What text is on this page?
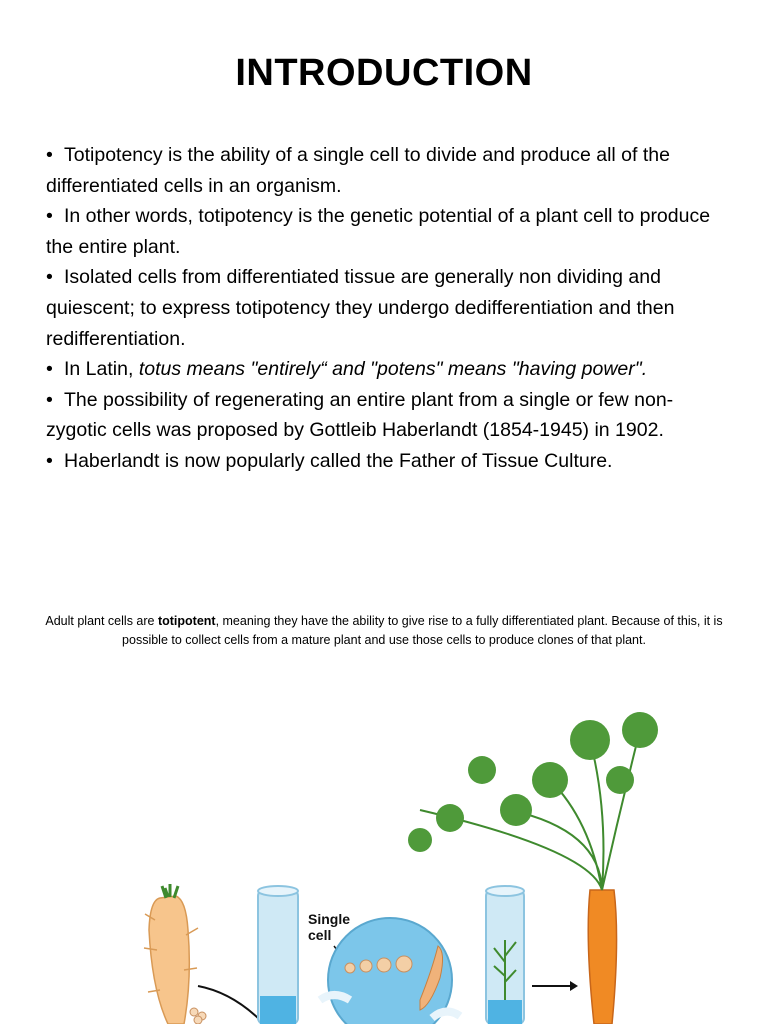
INTRODUCTION

• Totipotency is the ability of a single cell to divide and produce all of the differentiated cells in an organism.

• In other words, totipotency is the genetic potential of a plant cell to produce the entire plant.

• Isolated cells from differentiated tissue are generally non dividing and quiescent; to express totipotency they undergo dedifferentiation and then redifferentiation.

• In Latin, totus means "entirely“ and "potens" means "having power".

• The possibility of regenerating an entire plant from a single or few non-zygotic cells was proposed by Gottleib Haberlandt (1854-1945) in 1902.

• Haberlandt is now popularly called the Father of Tissue Culture.

Adult plant cells are totipotent, meaning they have the ability to give rise to a fully differentiated plant. Because of this, it is possible to collect cells from a mature plant and use those cells to produce clones of that plant.
Single
cell
